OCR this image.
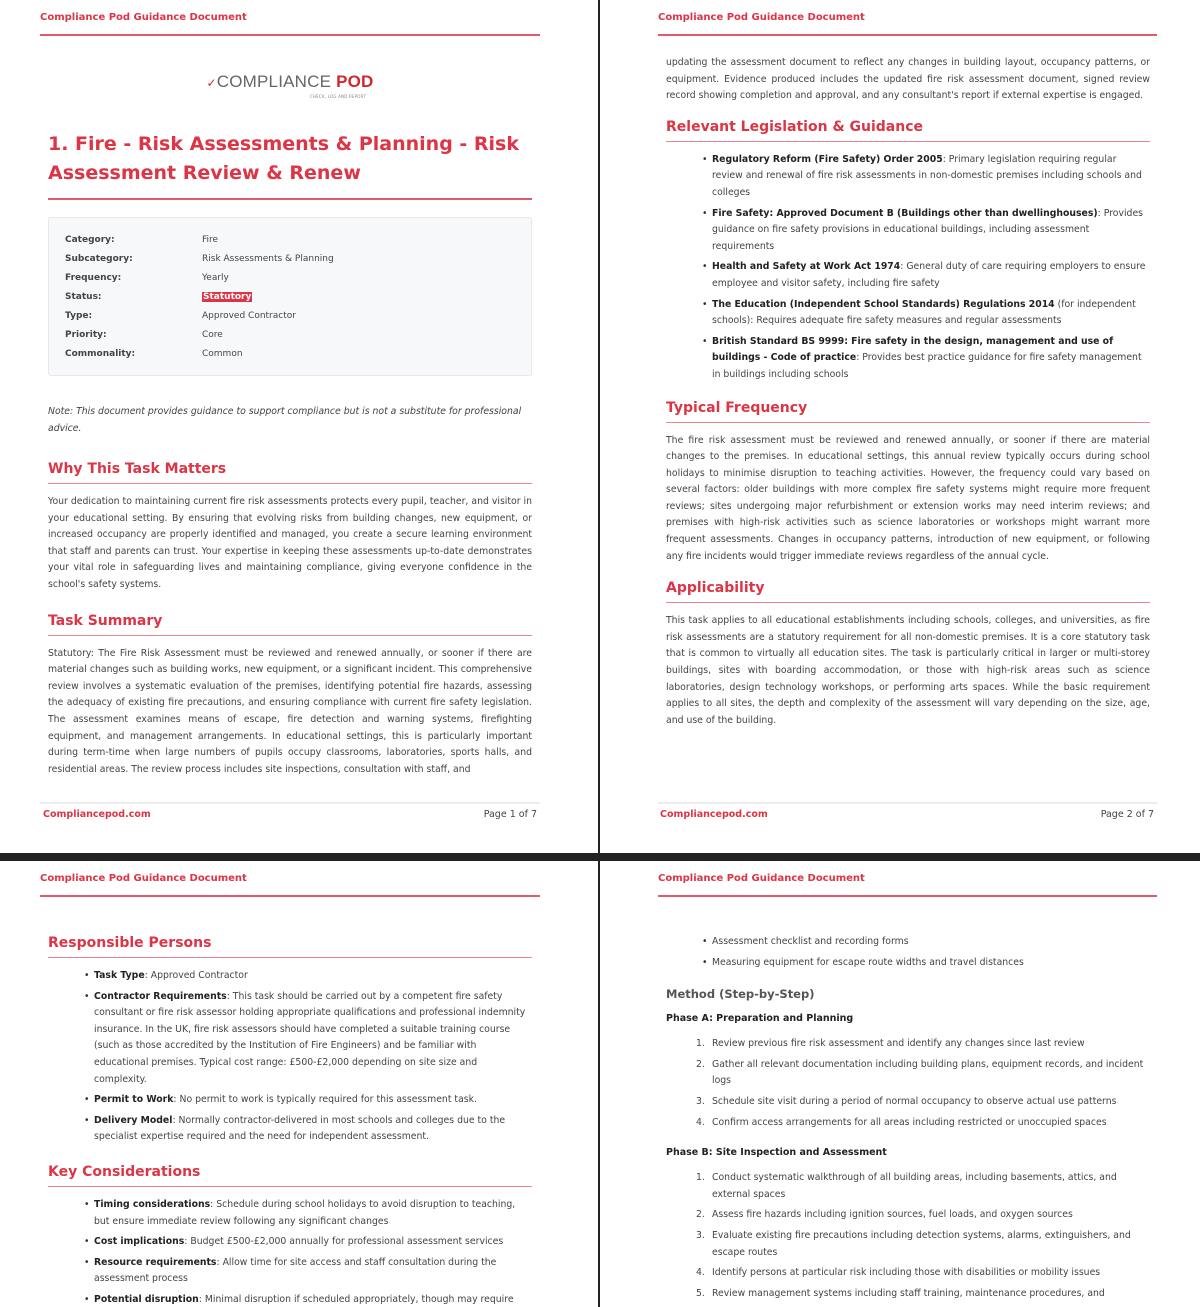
Compliance Pod Guidance Document
✓COMPLIANCE POD
CHECK, LOG AND REPORT
1. Fire - Risk Assessments & Planning - Risk Assessment Review & Renew
Category:	Fire
Subcategory:	Risk Assessments & Planning
Frequency:	Yearly
Status:	Statutory
Type:	Approved Contractor
Priority:	Core
Commonality:	Common

Note: This document provides guidance to support compliance but is not a substitute for professional advice.

Why This Task Matters

Your dedication to maintaining current fire risk assessments protects every pupil, teacher, and visitor in your educational setting. By ensuring that evolving risks from building changes, new equipment, or increased occupancy are properly identified and managed, you create a secure learning environment that staff and parents can trust. Your expertise in keeping these assessments up-to-date demonstrates your vital role in safeguarding lives and maintaining compliance, giving everyone confidence in the school's safety systems.

Task Summary

Statutory: The Fire Risk Assessment must be reviewed and renewed annually, or sooner if there are material changes such as building works, new equipment, or a significant incident. This comprehensive review involves a systematic evaluation of the premises, identifying potential fire hazards, assessing the adequacy of existing fire precautions, and ensuring compliance with current fire safety legislation. The assessment examines means of escape, fire detection and warning systems, firefighting equipment, and management arrangements. In educational settings, this is particularly important during term-time when large numbers of pupils occupy classrooms, laboratories, sports halls, and residential areas. The review process includes site inspections, consultation with staff, and

Compliancepod.com	Page 1 of 7
Compliance Pod Guidance Document

updating the assessment document to reflect any changes in building layout, occupancy patterns, or equipment. Evidence produced includes the updated fire risk assessment document, signed review record showing completion and approval, and any consultant's report if external expertise is engaged.

Relevant Legislation & Guidance
• Regulatory Reform (Fire Safety) Order 2005: Primary legislation requiring regular review and renewal of fire risk assessments in non-domestic premises including schools and colleges
• Fire Safety: Approved Document B (Buildings other than dwellinghouses): Provides guidance on fire safety provisions in educational buildings, including assessment requirements
• Health and Safety at Work Act 1974: General duty of care requiring employers to ensure employee and visitor safety, including fire safety
• The Education (Independent School Standards) Regulations 2014 (for independent schools): Requires adequate fire safety measures and regular assessments
• British Standard BS 9999: Fire safety in the design, management and use of buildings - Code of practice: Provides best practice guidance for fire safety management in buildings including schools
Typical Frequency

The fire risk assessment must be reviewed and renewed annually, or sooner if there are material changes to the premises. In educational settings, this annual review typically occurs during school holidays to minimise disruption to teaching activities. However, the frequency could vary based on several factors: older buildings with more complex fire safety systems might require more frequent reviews; sites undergoing major refurbishment or extension works may need interim reviews; and premises with high-risk activities such as science laboratories or workshops might warrant more frequent assessments. Changes in occupancy patterns, introduction of new equipment, or following any fire incidents would trigger immediate reviews regardless of the annual cycle.

Applicability

This task applies to all educational establishments including schools, colleges, and universities, as fire risk assessments are a statutory requirement for all non-domestic premises. It is a core statutory task that is common to virtually all education sites. The task is particularly critical in larger or multi-storey buildings, sites with boarding accommodation, or those with high-risk areas such as science laboratories, design technology workshops, or performing arts spaces. While the basic requirement applies to all sites, the depth and complexity of the assessment will vary depending on the size, age, and use of the building.

Compliancepod.com	Page 2 of 7
Compliance Pod Guidance Document
Responsible Persons
• Task Type: Approved Contractor
• Contractor Requirements: This task should be carried out by a competent fire safety consultant or fire risk assessor holding appropriate qualifications and professional indemnity insurance. In the UK, fire risk assessors should have completed a suitable training course (such as those accredited by the Institution of Fire Engineers) and be familiar with educational premises. Typical cost range: £500-£2,000 depending on site size and complexity.
• Permit to Work: No permit to work is typically required for this assessment task.
• Delivery Model: Normally contractor-delivered in most schools and colleges due to the specialist expertise required and the need for independent assessment.
Key Considerations
• Timing considerations: Schedule during school holidays to avoid disruption to teaching, but ensure immediate review following any significant changes
• Cost implications: Budget £500-£2,000 annually for professional assessment services
• Resource requirements: Allow time for site access and staff consultation during the assessment process
• Potential disruption: Minimal disruption if scheduled appropriately, though may require
Compliance Pod Guidance Document
• Assessment checklist and recording forms
• Measuring equipment for escape route widths and travel distances
Method (Step-by-Step)
Phase A: Preparation and Planning
1. Review previous fire risk assessment and identify any changes since last review
2. Gather all relevant documentation including building plans, equipment records, and incident logs
3. Schedule site visit during a period of normal occupancy to observe actual use patterns
4. Confirm access arrangements for all areas including restricted or unoccupied spaces
Phase B: Site Inspection and Assessment
1. Conduct systematic walkthrough of all building areas, including basements, attics, and external spaces
2. Assess fire hazards including ignition sources, fuel loads, and oxygen sources
3. Evaluate existing fire precautions including detection systems, alarms, extinguishers, and escape routes
4. Identify persons at particular risk including those with disabilities or mobility issues
5. Review management systems including staff training, maintenance procedures, and
